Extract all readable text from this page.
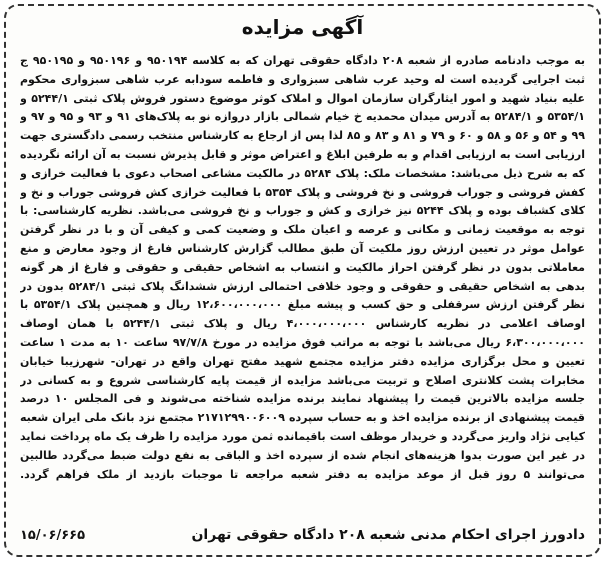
آگهی مزایده

به موجب دادنامه صادره از شعبه ۲۰۸ دادگاه حقوقی تهران که به کلاسه ۹۵۰۱۹۴ و ۹۵۰۱۹۶ و ۹۵۰۱۹۵ ج ثبت اجرایی گردیده است له وحید عرب شاهی سبزواری و فاطمه سودابه عرب شاهی سبزواری محکوم علیه بنیاد شهید و امور ایثارگران سازمان اموال و املاک کوثر موضوع دستور فروش پلاک ثبتی ۵۲۴۴/۱ و ۵۳۵۴/۱ و ۵۲۸۴/۱ به آدرس میدان محمدیه خ خیام شمالی بازار دروازه نو به پلاک‌های ۹۱ و ۹۳ و ۹۵ و ۹۷ و ۹۹ و ۵۴ و ۵۶ و ۵۸ و ۶۰ و ۷۹ و ۸۱ و ۸۳ و ۸۵ لذا پس از ارجاع به کارشناس منتخب رسمی دادگستری جهت ارزیابی است به ارزیابی اقدام و به طرفین ابلاغ و اعتراض موثر و قابل پذیرش نسبت به آن ارائه نگردیده که به شرح ذیل می‌باشد: مشخصات ملک: پلاک ۵۲۸۴ در مالکیت مشاعی اصحاب دعوی با فعالیت خرازی و کفش فروشی و جوراب فروشی و نخ فروشی و پلاک ۵۳۵۴ با فعالیت خرازی کش فروشی جوراب و نخ و کلای کشباف بوده و پلاک ۵۲۴۴ نیز خرازی و کش و جوراب و نخ فروشی می‌باشد. نظریه کارشناسی: با توجه به موقعیت زمانی و مکانی و عرصه و اعیان ملک و وضعیت کمی و کیفی آن و با در نظر گرفتن عوامل موثر در تعیین ارزش روز ملکیت آن طبق مطالب گزارش کارشناس فارغ از وجود معارض و منع معاملاتی بدون در نظر گرفتن احراز مالکیت و انتساب به اشخاص حقیقی و حقوقی و فارغ از هر گونه بدهی به اشخاص حقیقی و حقوقی و وجود خلافی احتمالی ارزش ششدانگ پلاک ثبتی ۵۲۸۴/۱ بدون در نظر گرفتن ارزش سرقفلی و حق کسب و پیشه مبلغ ۱۲،۶۰۰،۰۰۰،۰۰۰ ریال و همچنین پلاک ۵۳۵۴/۱ با اوصاف اعلامی در نظریه کارشناس ۴،۰۰۰،۰۰۰،۰۰۰ ریال و پلاک ثبتی ۵۲۴۴/۱ با همان اوصاف ۶،۳۰۰،۰۰۰،۰۰۰ ریال می‌باشد با توجه به مراتب فوق مزایده در مورخ ۹۷/۷/۸ ساعت ۱۰ به مدت ۱ ساعت تعیین و محل برگزاری مزایده دفتر مزایده مجتمع شهید مفتح تهران واقع در تهران- شهرزیبا خیابان مخابرات پشت کلانتری اصلاح و تربیت می‌باشد مزایده از قیمت پایه کارشناسی شروع و به کسانی در جلسه مزایده بالاترین قیمت را پیشنهاد نمایند برنده مزایده شناخته می‌شوند و فی المجلس ۱۰ درصد قیمت پیشنهادی از برنده مزایده اخذ و به حساب سپرده ۲۱۷۱۲۹۹۰۰۶۰۰۹ مجتمع نزد بانک ملی ایران شعبه کیایی نژاد واریز می‌گردد و خریدار موظف است باقیمانده ثمن مورد مزایده را ظرف یک ماه پرداخت نماید در غیر این صورت بدوا هزینه‌های انجام شده از سپرده اخذ و الباقی به نفع دولت ضبط می‌گردد طالبین می‌توانند ۵ روز قبل از موعد مزایده به دفتر شعبه مراجعه تا موجبات بازدید از ملک فراهم گردد.

دادورز اجرای احکام مدنی شعبه ۲۰۸ دادگاه حقوقی تهران
۱۵/۰۶/۶۶۵
